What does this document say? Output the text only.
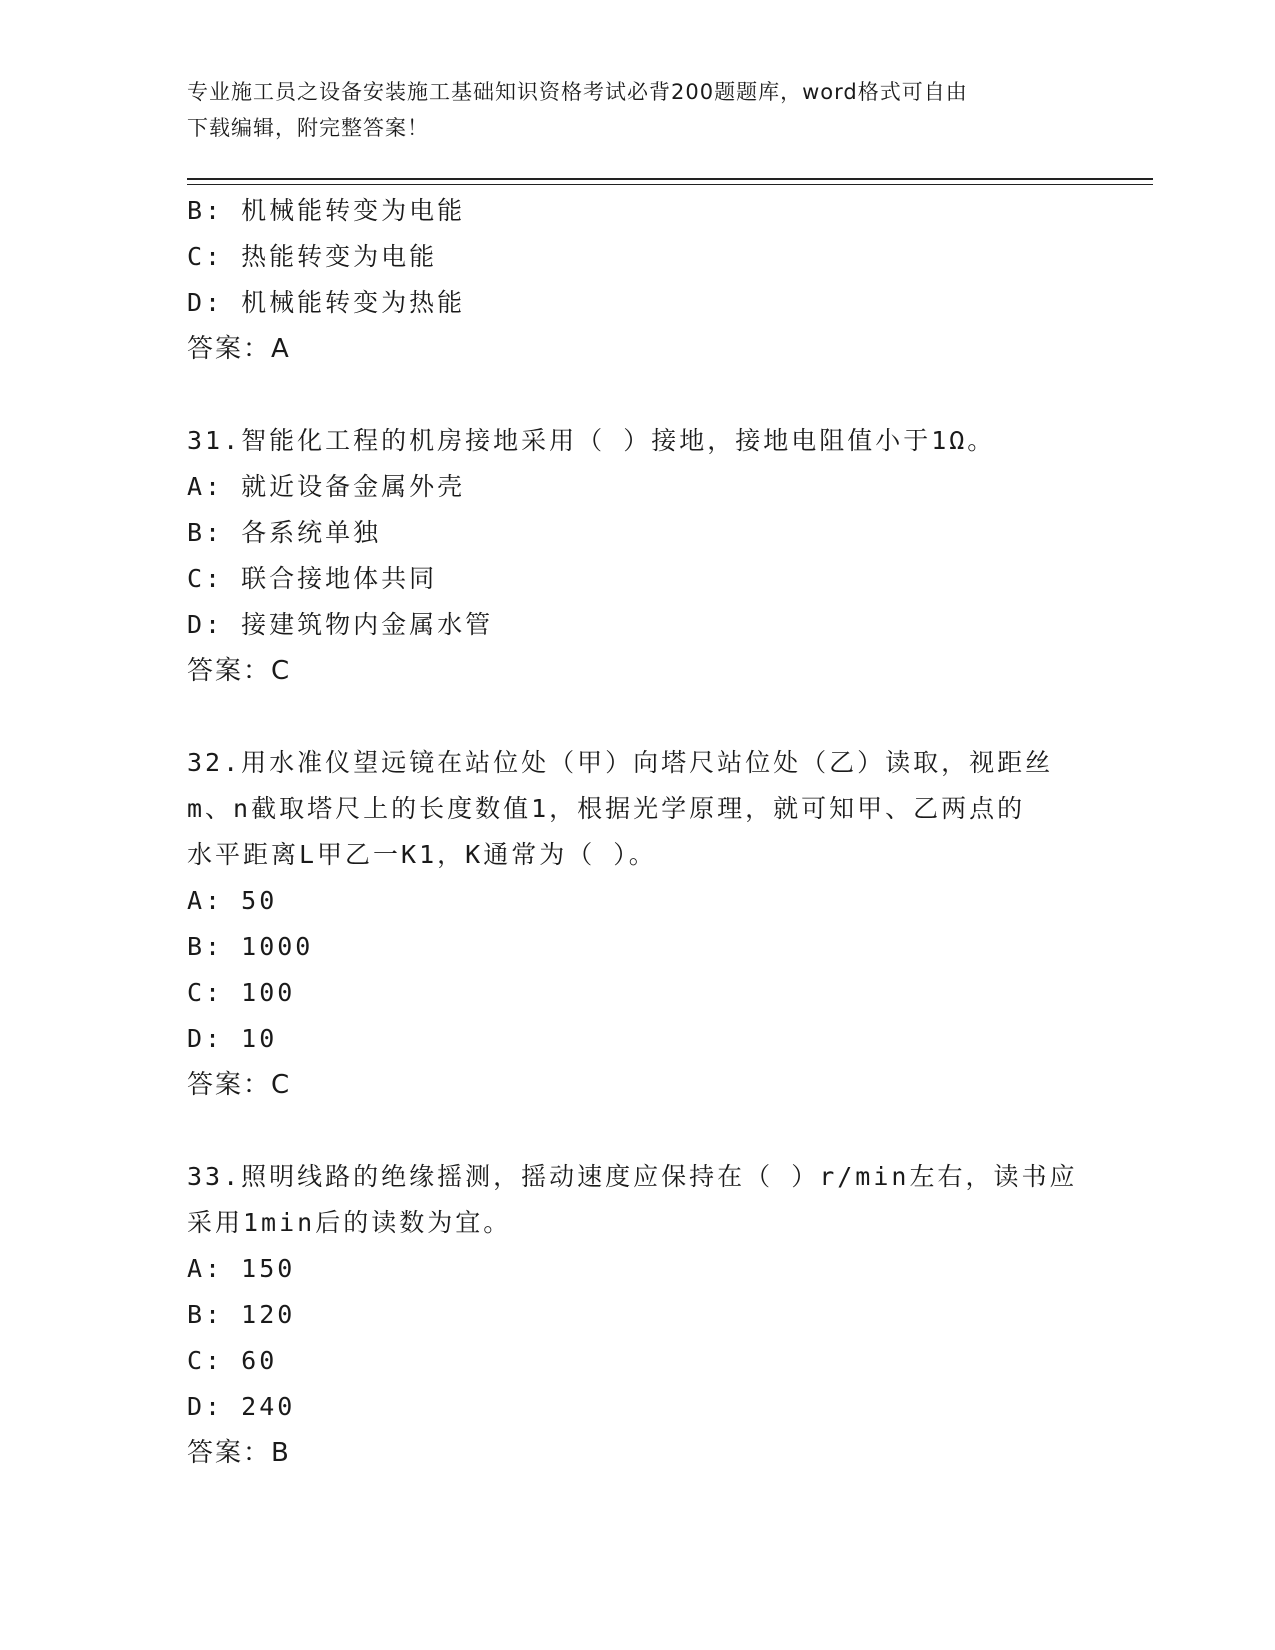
专业施工员之设备安装施工基础知识资格考试必背200题题库，word格式可自由
下载编辑，附完整答案！
B: 机械能转变为电能
C: 热能转变为电能
D: 机械能转变为热能
答案：A
31.智能化工程的机房接地采用（ ）接地，接地电阻值小于1Ω。
A: 就近设备金属外壳
B: 各系统单独
C: 联合接地体共同
D: 接建筑物内金属水管
答案：C
32.用水准仪望远镜在站位处（甲）向塔尺站位处（乙）读取，视距丝
m、n截取塔尺上的长度数值1，根据光学原理，就可知甲、乙两点的
水平距离L甲乙一K1，K通常为（ ）。
A: 50
B: 1000
C: 100
D: 10
答案：C
33.照明线路的绝缘摇测，摇动速度应保持在（ ）r/min左右，读书应
采用1min后的读数为宜。
A: 150
B: 120
C: 60
D: 240
答案：B
